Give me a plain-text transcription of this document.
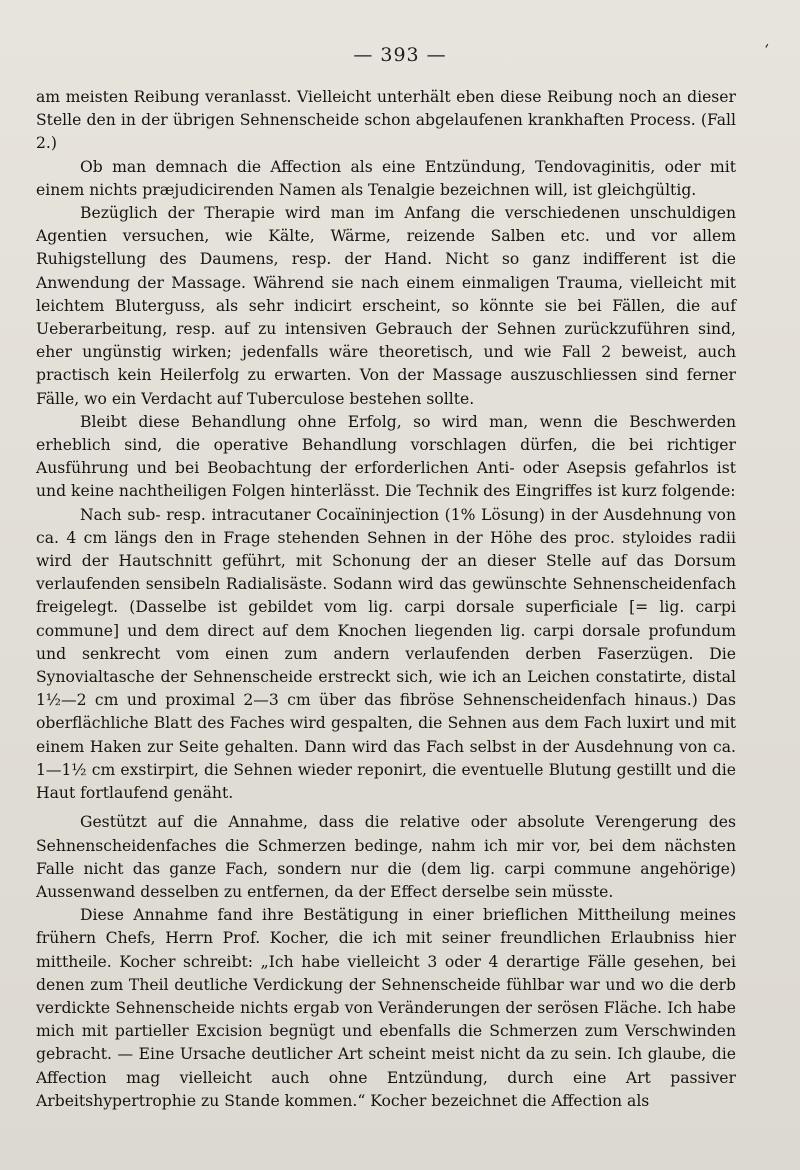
— 393 —	'

am meisten Reibung veranlasst. Vielleicht unterhält eben diese Reibung noch an dieser Stelle den in der übrigen Sehnenscheide schon abgelaufenen krankhaften Process. (Fall 2.)

Ob man demnach die Affection als eine Entzündung, Tendovaginitis, oder mit einem nichts præjudicirenden Namen als Tenalgie bezeichnen will, ist gleichgültig.

Bezüglich der Therapie wird man im Anfang die verschiedenen unschuldigen Agentien versuchen, wie Kälte, Wärme, reizende Salben etc. und vor allem Ruhigstellung des Daumens, resp. der Hand. Nicht so ganz indifferent ist die Anwendung der Massage. Während sie nach einem einmaligen Trauma, vielleicht mit leichtem Bluterguss, als sehr indicirt erscheint, so könnte sie bei Fällen, die auf Ueberarbeitung, resp. auf zu intensiven Gebrauch der Sehnen zurückzuführen sind, eher ungünstig wirken; jedenfalls wäre theoretisch, und wie Fall 2 beweist, auch practisch kein Heilerfolg zu erwarten. Von der Massage auszuschliessen sind ferner Fälle, wo ein Verdacht auf Tuberculose bestehen sollte.

Bleibt diese Behandlung ohne Erfolg, so wird man, wenn die Beschwerden erheblich sind, die operative Behandlung vorschlagen dürfen, die bei richtiger Ausführung und bei Beobachtung der erforderlichen Anti- oder Asepsis gefahrlos ist und keine nachtheiligen Folgen hinterlässt. Die Technik des Eingriffes ist kurz folgende:

Nach sub- resp. intracutaner Cocaïninjection (1% Lösung) in der Ausdehnung von ca. 4 cm längs den in Frage stehenden Sehnen in der Höhe des proc. styloides radii wird der Hautschnitt geführt, mit Schonung der an dieser Stelle auf das Dorsum verlaufenden sensibeln Radialisäste. Sodann wird das gewünschte Sehnenscheidenfach freigelegt. (Dasselbe ist gebildet vom lig. carpi dorsale superficiale [= lig. carpi commune] und dem direct auf dem Knochen liegenden lig. carpi dorsale profundum und senkrecht vom einen zum andern verlaufenden derben Faserzügen. Die Synovialtasche der Sehnenscheide erstreckt sich, wie ich an Leichen constatirte, distal 1½—2 cm und proximal 2—3 cm über das fibröse Sehnenscheidenfach hinaus.) Das oberflächliche Blatt des Faches wird gespalten, die Sehnen aus dem Fach luxirt und mit einem Haken zur Seite gehalten. Dann wird das Fach selbst in der Ausdehnung von ca. 1—1½ cm exstirpirt, die Sehnen wieder reponirt, die eventuelle Blutung gestillt und die Haut fortlaufend genäht.

Gestützt auf die Annahme, dass die relative oder absolute Verengerung des Sehnenscheidenfaches die Schmerzen bedinge, nahm ich mir vor, bei dem nächsten Falle nicht das ganze Fach, sondern nur die (dem lig. carpi commune angehörige) Aussenwand desselben zu entfernen, da der Effect derselbe sein müsste.

Diese Annahme fand ihre Bestätigung in einer brieflichen Mittheilung meines frühern Chefs, Herrn Prof. Kocher, die ich mit seiner freundlichen Erlaubniss hier mittheile. Kocher schreibt: „Ich habe vielleicht 3 oder 4 derartige Fälle gesehen, bei denen zum Theil deutliche Verdickung der Sehnenscheide fühlbar war und wo die derb verdickte Sehnenscheide nichts ergab von Veränderungen der serösen Fläche. Ich habe mich mit partieller Excision begnügt und ebenfalls die Schmerzen zum Verschwinden gebracht. — Eine Ursache deutlicher Art scheint meist nicht da zu sein. Ich glaube, die Affection mag vielleicht auch ohne Entzündung, durch eine Art passiver Arbeitshypertrophie zu Stande kommen.“ Kocher bezeichnet die Affection als
